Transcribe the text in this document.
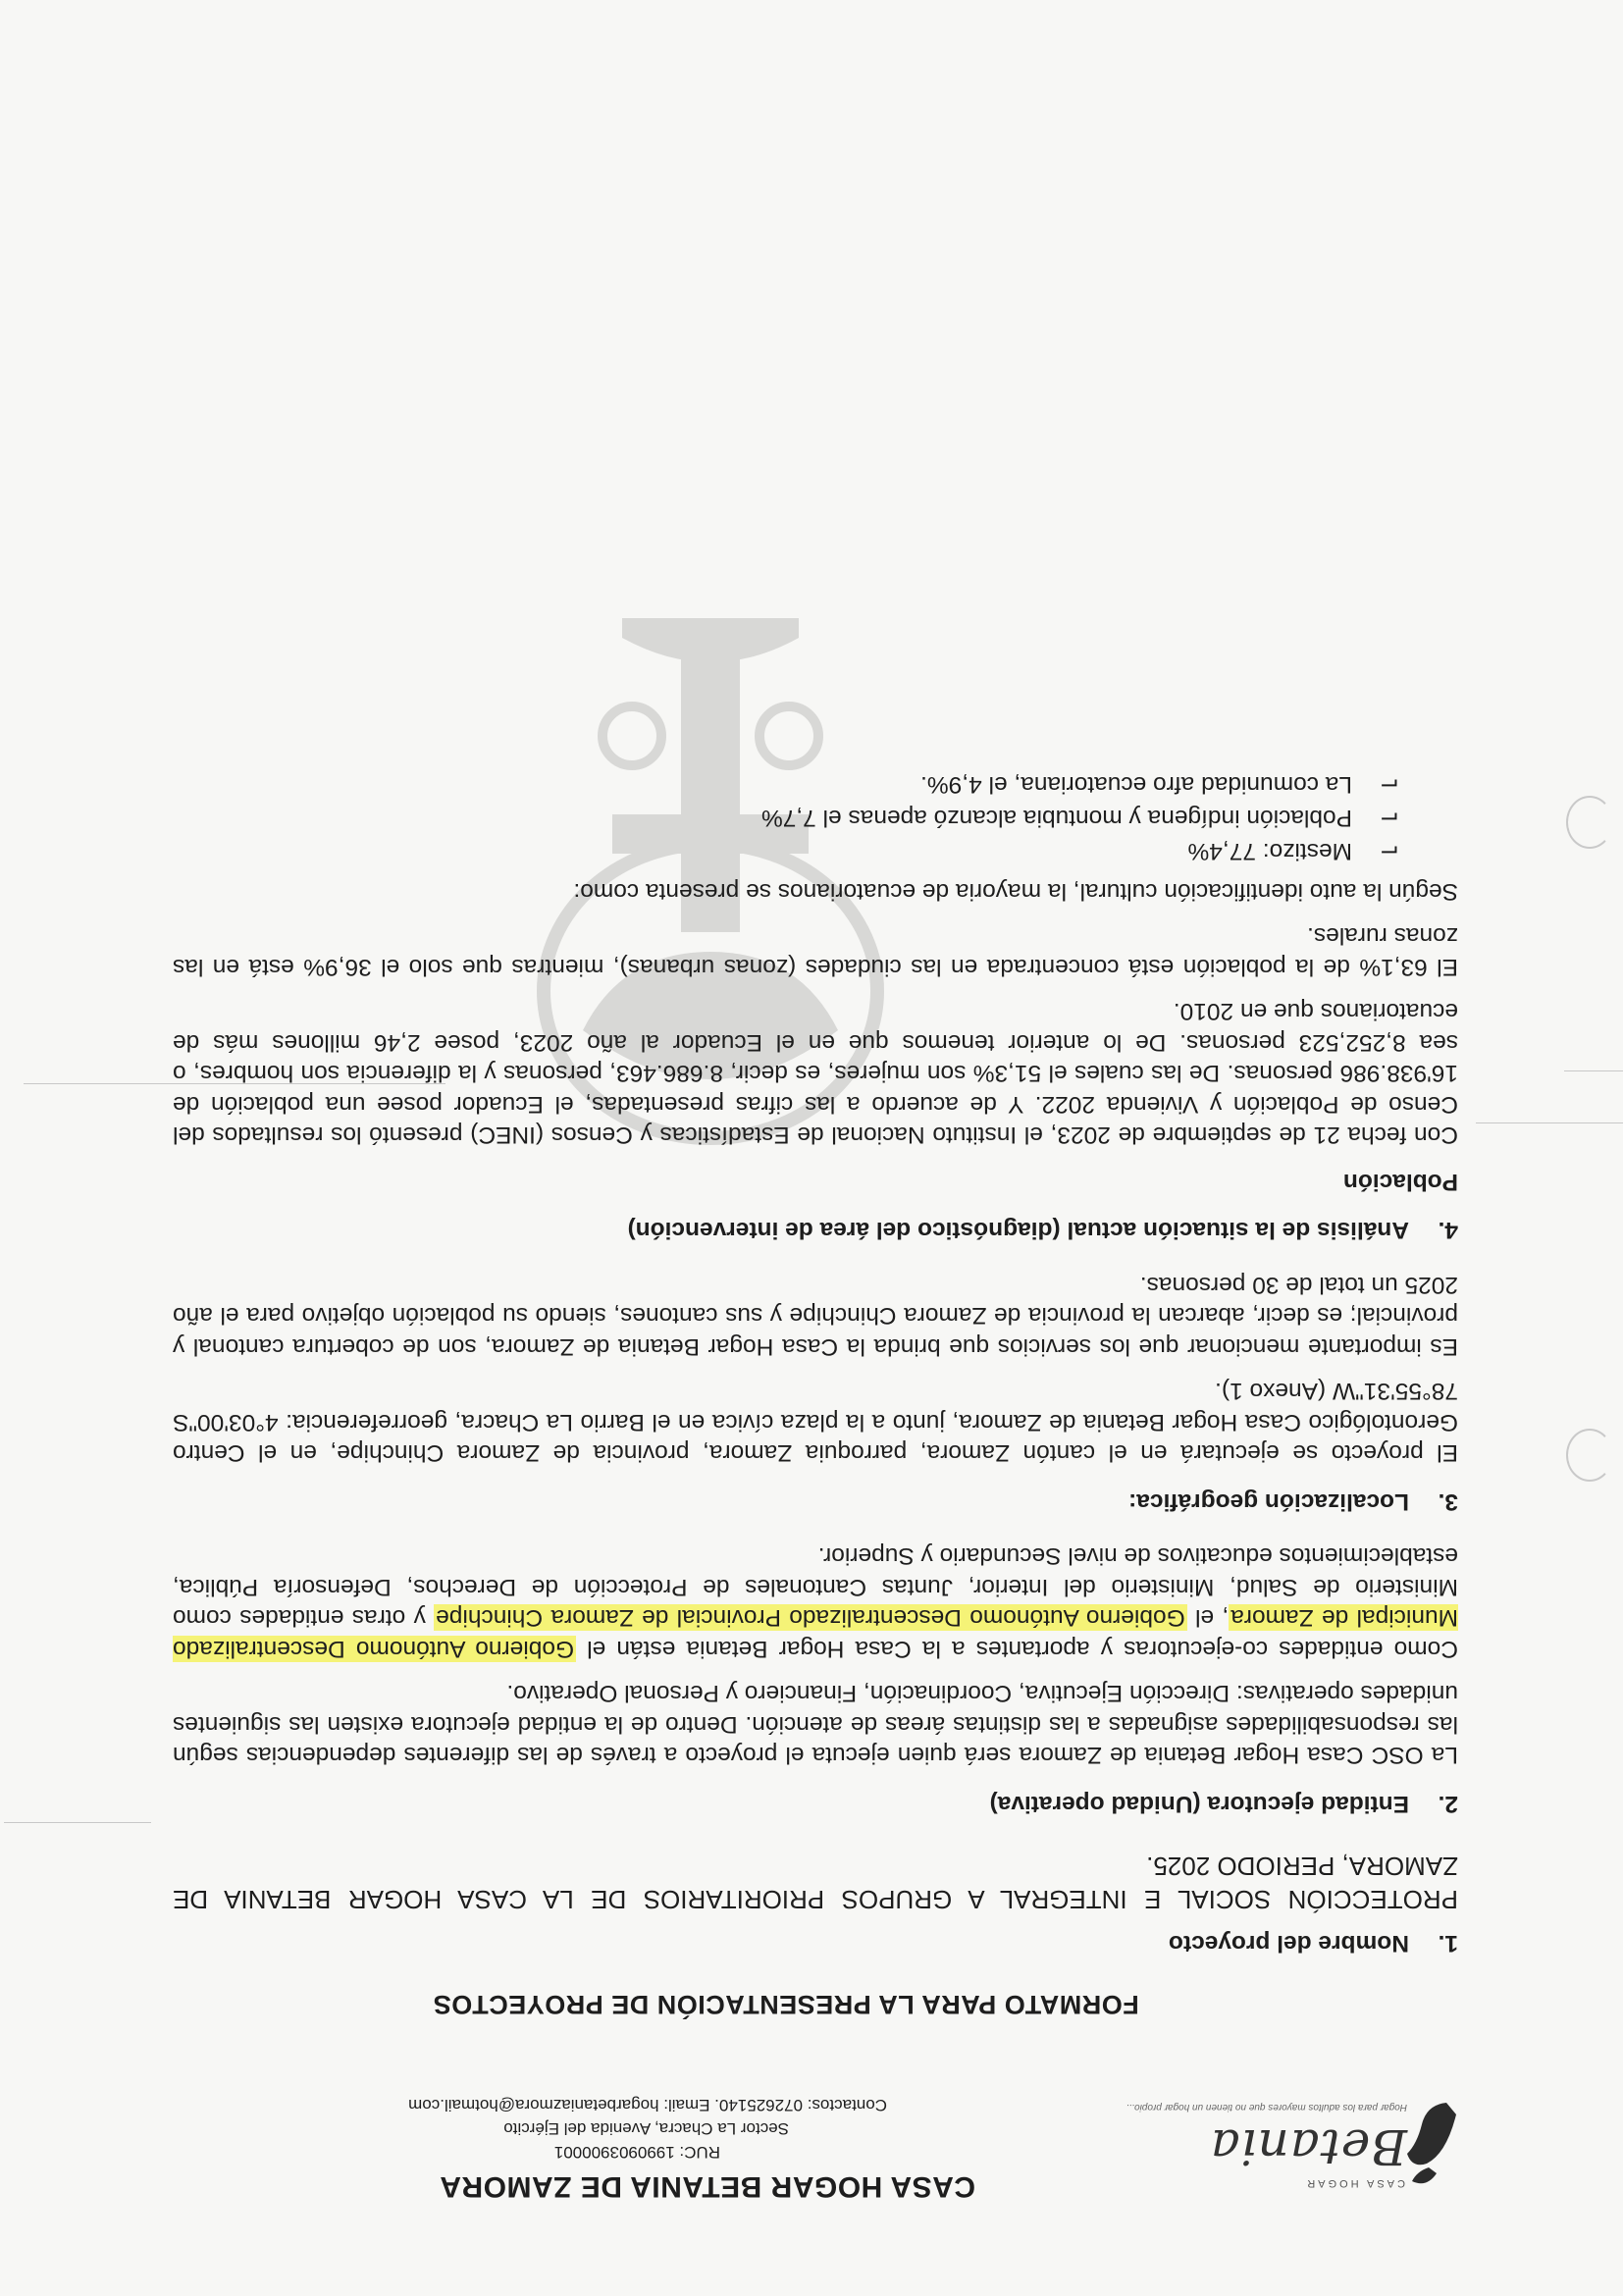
CASA HOGAR
Betania
Hogar para los adultos mayores que no tienen un hogar propio...
CASA HOGAR BETANIA DE ZAMORA
RUC: 1990903900001
Sector La Chacra, Avenida del Ejército
Contactos: 072625140. Email: hogarbetaniazmora@hotmail.com
FORMATO PARA LA PRESENTACIÓN DE PROYECTOS
1.
Nombre del proyecto

PROTECCIÓN SOCIAL E INTEGRAL A GRUPOS PRIORITARIOS DE LA CASA HOGAR BETANIA DE ZAMORA, PERIODO 2025.

2.
Entidad ejecutora (Unidad operativa)

La OSC Casa Hogar Betania de Zamora será quien ejecuta el proyecto a través de las diferentes dependencias según las responsabilidades asignadas a las distintas áreas de atención. Dentro de la entidad ejecutora existen las siguientes unidades operativas: Dirección Ejecutiva, Coordinación, Financiero y Personal Operativo.

Como entidades co-ejecutoras y aportantes a la Casa Hogar Betania están el Gobierno Autónomo Descentralizado Municipal de Zamora, el Gobierno Autónomo Descentralizado Provincial de Zamora Chinchipe y otras entidades como Ministerio de Salud, Ministerio del Interior, Juntas Cantonales de Protección de Derechos, Defensoría Pública, establecimientos educativos de nivel Secundario y Superior.

3.
Localización geográfica:

El proyecto se ejecutará en el cantón Zamora, parroquia Zamora, provincia de Zamora Chinchipe, en el Centro Gerontológico Casa Hogar Betania de Zamora, junto a la plaza cívica en el Barrio La Chacra, georreferencia: 4°03'00"S 78°55'31"W (Anexo 1).

Es importante mencionar que los servicios que brinda la Casa Hogar Betania de Zamora, son de cobertura cantonal y provincial; es decir, abarcan la provincia de Zamora Chinchipe y sus cantones, siendo su población objetivo para el año 2025 un total de 30 personas.

4.
Análisis de la situación actual (diagnóstico del área de intervención)

Población

Con fecha 21 de septiembre de 2023, el Instituto Nacional de Estadísticas y Censos (INEC) presentó los resultados del Censo de Población y Vivienda 2022. Y de acuerdo a las cifras presentadas, el Ecuador posee una población de 16'938.986 personas. De las cuales el 51,3% son mujeres, es decir, 8.686.463, personas y la diferencia son hombres, o sea 8,252,523 personas. De lo anterior tenemos que en el Ecuador al año 2023, posee 2,46 millones más de ecuatorianos que en 2010.

El 63,1% de la población está concentrada en las ciudades (zonas urbanas), mientras que solo el 36,9% está en las zonas rurales.

Según la auto identificación cultural, la mayoria de ecuatorianos se presenta como:

⌐
Mestizo: 77,4%
⌐
Población indígena y montubia alcanzó apenas el 7,7%
⌐
La comunidad afro ecuatoriana, el 4,9%.
